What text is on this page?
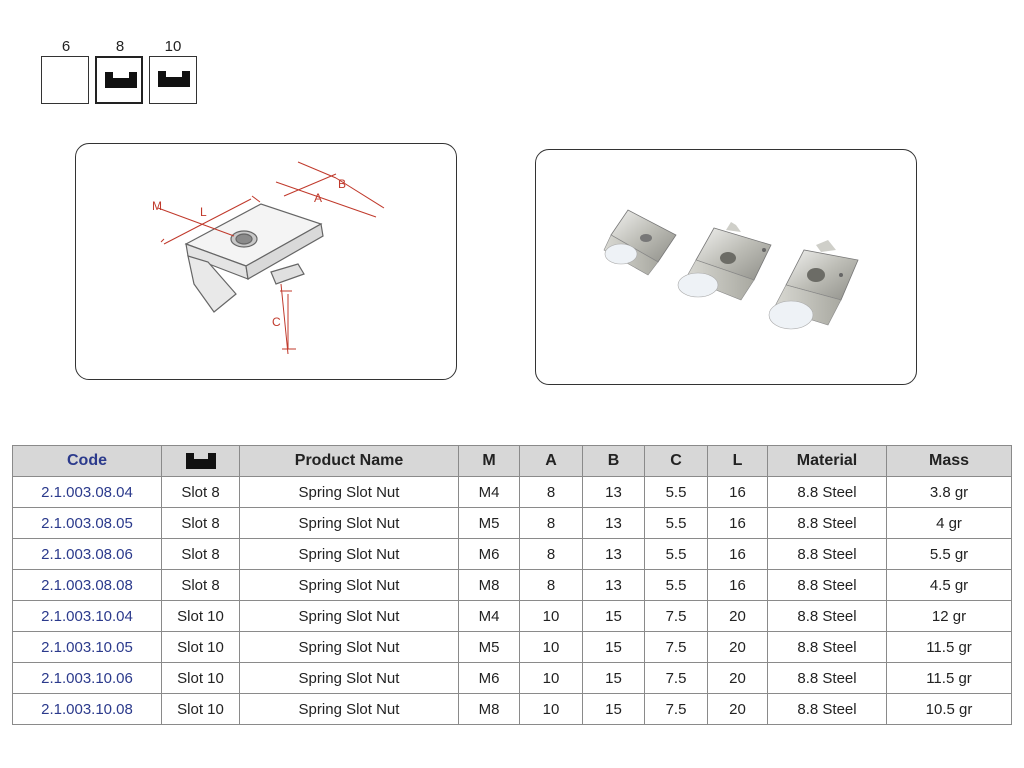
6	8	10
M	L
A
B
C
Code		Product Name	M	A	B	C	L	Material	Mass
2.1.003.08.04	Slot 8	Spring Slot Nut	M4	8	13	5.5	16	8.8 Steel	3.8 gr
2.1.003.08.05	Slot 8	Spring Slot Nut	M5	8	13	5.5	16	8.8 Steel	4 gr
2.1.003.08.06	Slot 8	Spring Slot Nut	M6	8	13	5.5	16	8.8 Steel	5.5 gr
2.1.003.08.08	Slot 8	Spring Slot Nut	M8	8	13	5.5	16	8.8 Steel	4.5 gr
2.1.003.10.04	Slot 10	Spring Slot Nut	M4	10	15	7.5	20	8.8 Steel	12 gr
2.1.003.10.05	Slot 10	Spring Slot Nut	M5	10	15	7.5	20	8.8 Steel	11.5 gr
2.1.003.10.06	Slot 10	Spring Slot Nut	M6	10	15	7.5	20	8.8 Steel	11.5 gr
2.1.003.10.08	Slot 10	Spring Slot Nut	M8	10	15	7.5	20	8.8 Steel	10.5 gr
